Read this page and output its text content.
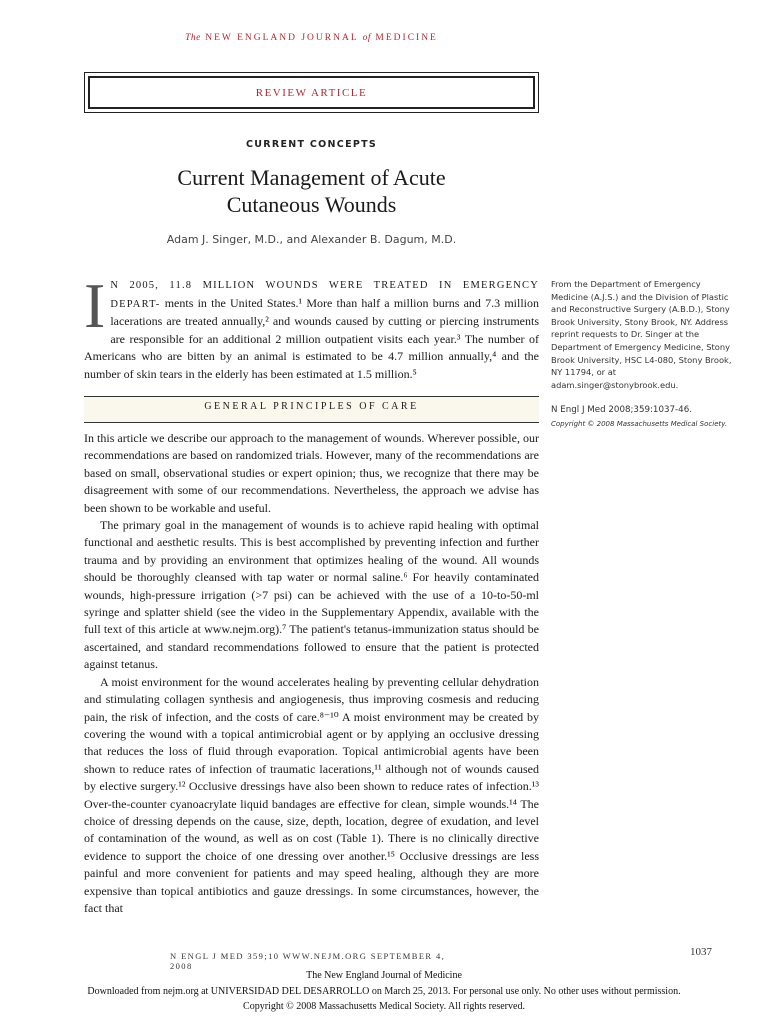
The NEW ENGLAND JOURNAL of MEDICINE
REVIEW ARTICLE
CURRENT CONCEPTS
Current Management of Acute
Cutaneous Wounds
Adam J. Singer, M.D., and Alexander B. Dagum, M.D.
I N 2005, 11.8 MILLION WOUNDS WERE TREATED IN EMERGENCY DEPART- ments in the United States.¹ More than half a million burns and 7.3 million lacerations are treated annually,² and wounds caused by cutting or piercing instruments are responsible for an additional 2 million outpatient visits each year.³ The number of Americans who are bitten by an animal is estimated to be 4.7 million annually,⁴ and the number of skin tears in the elderly has been estimated at 1.5 million.⁵
From the Department of Emergency Medicine (A.J.S.) and the Division of Plastic and Reconstructive Surgery (A.B.D.), Stony Brook University, Stony Brook, NY. Address reprint requests to Dr. Singer at the Department of Emergency Medicine, Stony Brook University, HSC L4-080, Stony Brook, NY 11794, or at adam.singer@stonybrook.edu.
N Engl J Med 2008;359:1037-46.
Copyright © 2008 Massachusetts Medical Society.
GENERAL PRINCIPLES OF CARE

In this article we describe our approach to the management of wounds. Wherever possible, our recommendations are based on randomized trials. However, many of the recommendations are based on small, observational studies or expert opinion; thus, we recognize that there may be disagreement with some of our recommendations. Nevertheless, the approach we advise has been shown to be workable and useful.

The primary goal in the management of wounds is to achieve rapid healing with optimal functional and aesthetic results. This is best accomplished by preventing infection and further trauma and by providing an environment that optimizes healing of the wound. All wounds should be thoroughly cleansed with tap water or normal saline.⁶ For heavily contaminated wounds, high-pressure irrigation (>7 psi) can be achieved with the use of a 10-to-50-ml syringe and splatter shield (see the video in the Supplementary Appendix, available with the full text of this article at www.nejm.org).⁷ The patient's tetanus-immunization status should be ascertained, and standard recommendations followed to ensure that the patient is protected against tetanus.

A moist environment for the wound accelerates healing by preventing cellular dehydration and stimulating collagen synthesis and angiogenesis, thus improving cosmesis and reducing pain, the risk of infection, and the costs of care.⁸⁻¹⁰ A moist environment may be created by covering the wound with a topical antimicrobial agent or by applying an occlusive dressing that reduces the loss of fluid through evaporation. Topical antimicrobial agents have been shown to reduce rates of infection of traumatic lacerations,¹¹ although not of wounds caused by elective surgery.¹² Occlusive dressings have also been shown to reduce rates of infection.¹³ Over-the-counter cyanoacrylate liquid bandages are effective for clean, simple wounds.¹⁴ The choice of dressing depends on the cause, size, depth, location, degree of exudation, and level of contamination of the wound, as well as on cost (Table 1). There is no clinically directive evidence to support the choice of one dressing over another.¹⁵ Occlusive dressings are less painful and more convenient for patients and may speed healing, although they are more expensive than topical antibiotics and gauze dressings. In some circumstances, however, the fact that

N ENGL J MED 359;10 WWW.NEJM.ORG SEPTEMBER 4, 2008
1037
The New England Journal of Medicine
Downloaded from nejm.org at UNIVERSIDAD DEL DESARROLLO on March 25, 2013. For personal use only. No other uses without permission.
Copyright © 2008 Massachusetts Medical Society. All rights reserved.
